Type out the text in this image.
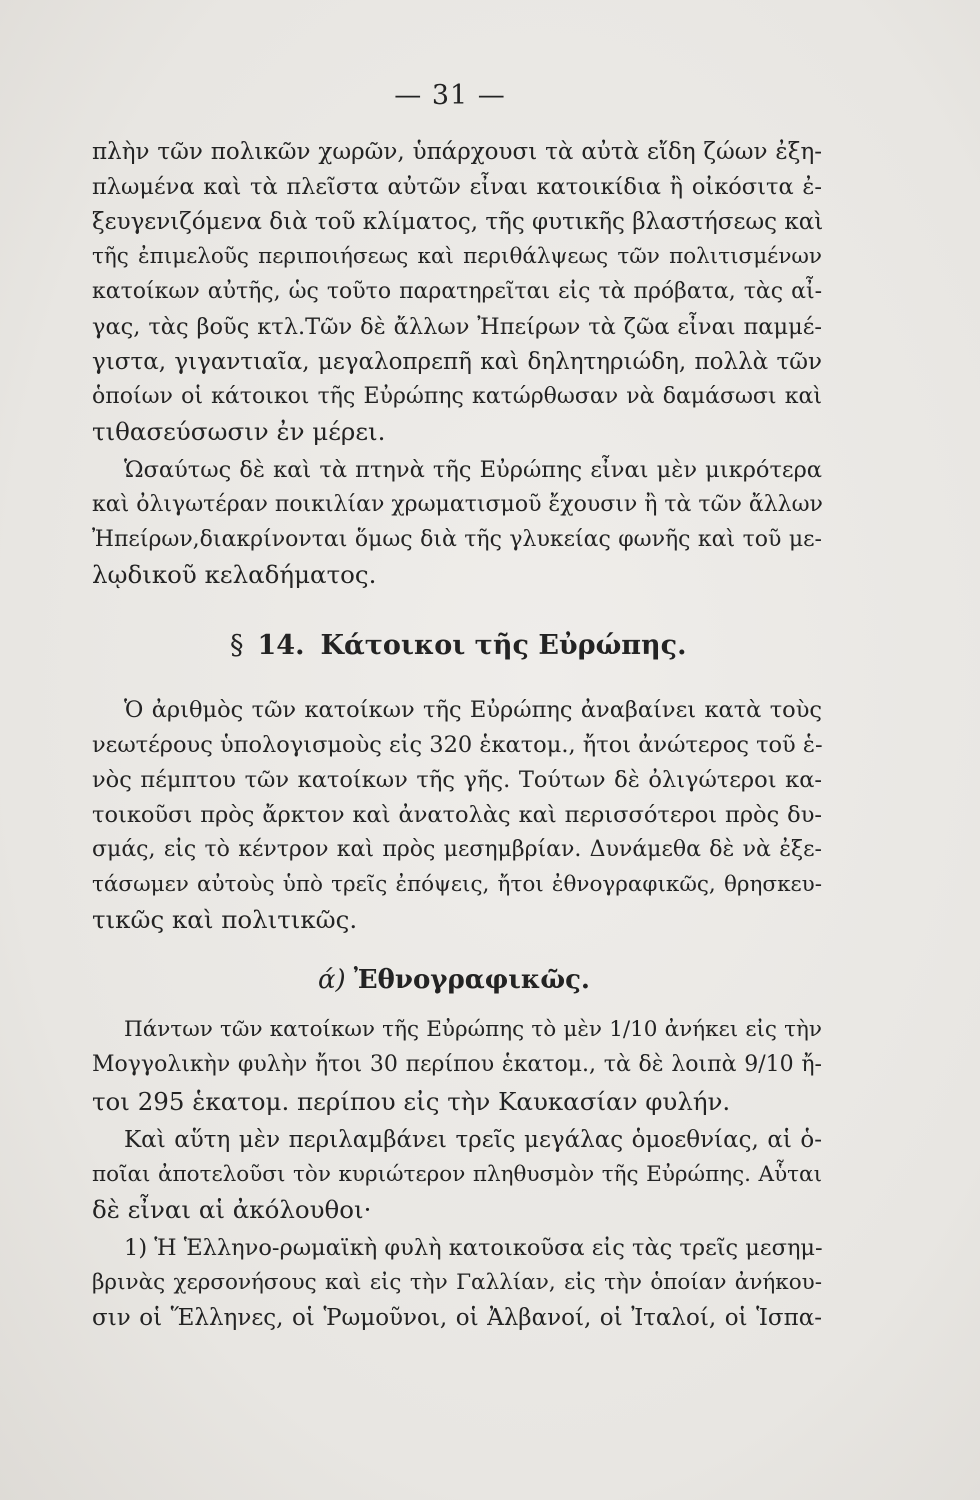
— 31 —
πλὴν τῶν πολικῶν χωρῶν, ὑπάρχουσι τὰ αὐτὰ εἴδη ζώων ἐξη-
πλωμένα καὶ τὰ πλεῖστα αὐτῶν εἶναι κατοικίδια ἢ οἰκόσιτα ἐ-
ξευγενιζόμενα διὰ τοῦ κλίματος, τῆς φυτικῆς βλαστήσεως καὶ
τῆς ἐπιμελοῦς περιποιήσεως καὶ περιθάλψεως τῶν πολιτισμένων
κατοίκων αὐτῆς, ὡς τοῦτο παρατηρεῖται εἰς τὰ πρόβατα, τὰς αἶ-
γας, τὰς βοῦς κτλ.Τῶν δὲ ἄλλων Ἠπείρων τὰ ζῶα εἶναι παμμέ-
γιστα, γιγαντιαῖα, μεγαλοπρεπῆ καὶ δηλητηριώδη, πολλὰ τῶν
ὁποίων οἱ κάτοικοι τῆς Εὐρώπης κατώρθωσαν νὰ δαμάσωσι καὶ
τιθασεύσωσιν ἐν μέρει.
Ὡσαύτως δὲ καὶ τὰ πτηνὰ τῆς Εὐρώπης εἶναι μὲν μικρότερα
καὶ ὀλιγωτέραν ποικιλίαν χρωματισμοῦ ἔχουσιν ἢ τὰ τῶν ἄλλων
Ἠπείρων,διακρίνονται ὅμως διὰ τῆς γλυκείας φωνῆς καὶ τοῦ με-
λῳδικοῦ κελαδήματος.
§ 14. Κάτοικοι τῆς Εὐρώπης.
Ὁ ἀριθμὸς τῶν κατοίκων τῆς Εὐρώπης ἀναβαίνει κατὰ τοὺς
νεωτέρους ὑπολογισμοὺς εἰς 320 ἑκατομ., ἤτοι ἀνώτερος τοῦ ἑ-
νὸς πέμπτου τῶν κατοίκων τῆς γῆς. Τούτων δὲ ὀλιγώτεροι κα-
τοικοῦσι πρὸς ἄρκτον καὶ ἀνατολὰς καὶ περισσότεροι πρὸς δυ-
σμάς, εἰς τὸ κέντρον καὶ πρὸς μεσημβρίαν. Δυνάμεθα δὲ νὰ ἐξε-
τάσωμεν αὐτοὺς ὑπὸ τρεῖς ἐπόψεις, ἤτοι ἐθνογραφικῶς, θρησκευ-
τικῶς καὶ πολιτικῶς.
ά) Ἐθνογραφικῶς.
Πάντων τῶν κατοίκων τῆς Εὐρώπης τὸ μὲν 1/10 ἀνήκει εἰς τὴν
Μογγολικὴν φυλὴν ἤτοι 30 περίπου ἑκατομ., τὰ δὲ λοιπὰ 9/10 ἤ-
τοι 295 ἑκατομ. περίπου εἰς τὴν Καυκασίαν φυλήν.
Καὶ αὕτη μὲν περιλαμβάνει τρεῖς μεγάλας ὁμοεθνίας, αἱ ὁ-
ποῖαι ἀποτελοῦσι τὸν κυριώτερον πληθυσμὸν τῆς Εὐρώπης. Αὗται
δὲ εἶναι αἱ ἀκόλουθοι·
1) Ἡ Ἑλληνο-ρωμαϊκὴ φυλὴ κατοικοῦσα εἰς τὰς τρεῖς μεσημ-
βρινὰς χερσονήσους καὶ εἰς τὴν Γαλλίαν, εἰς τὴν ὁποίαν ἀνήκου-
σιν οἱ Ἕλληνες, οἱ Ῥωμοῦνοι, οἱ Ἀλβανοί, οἱ Ἰταλοί, οἱ Ἱσπα-
